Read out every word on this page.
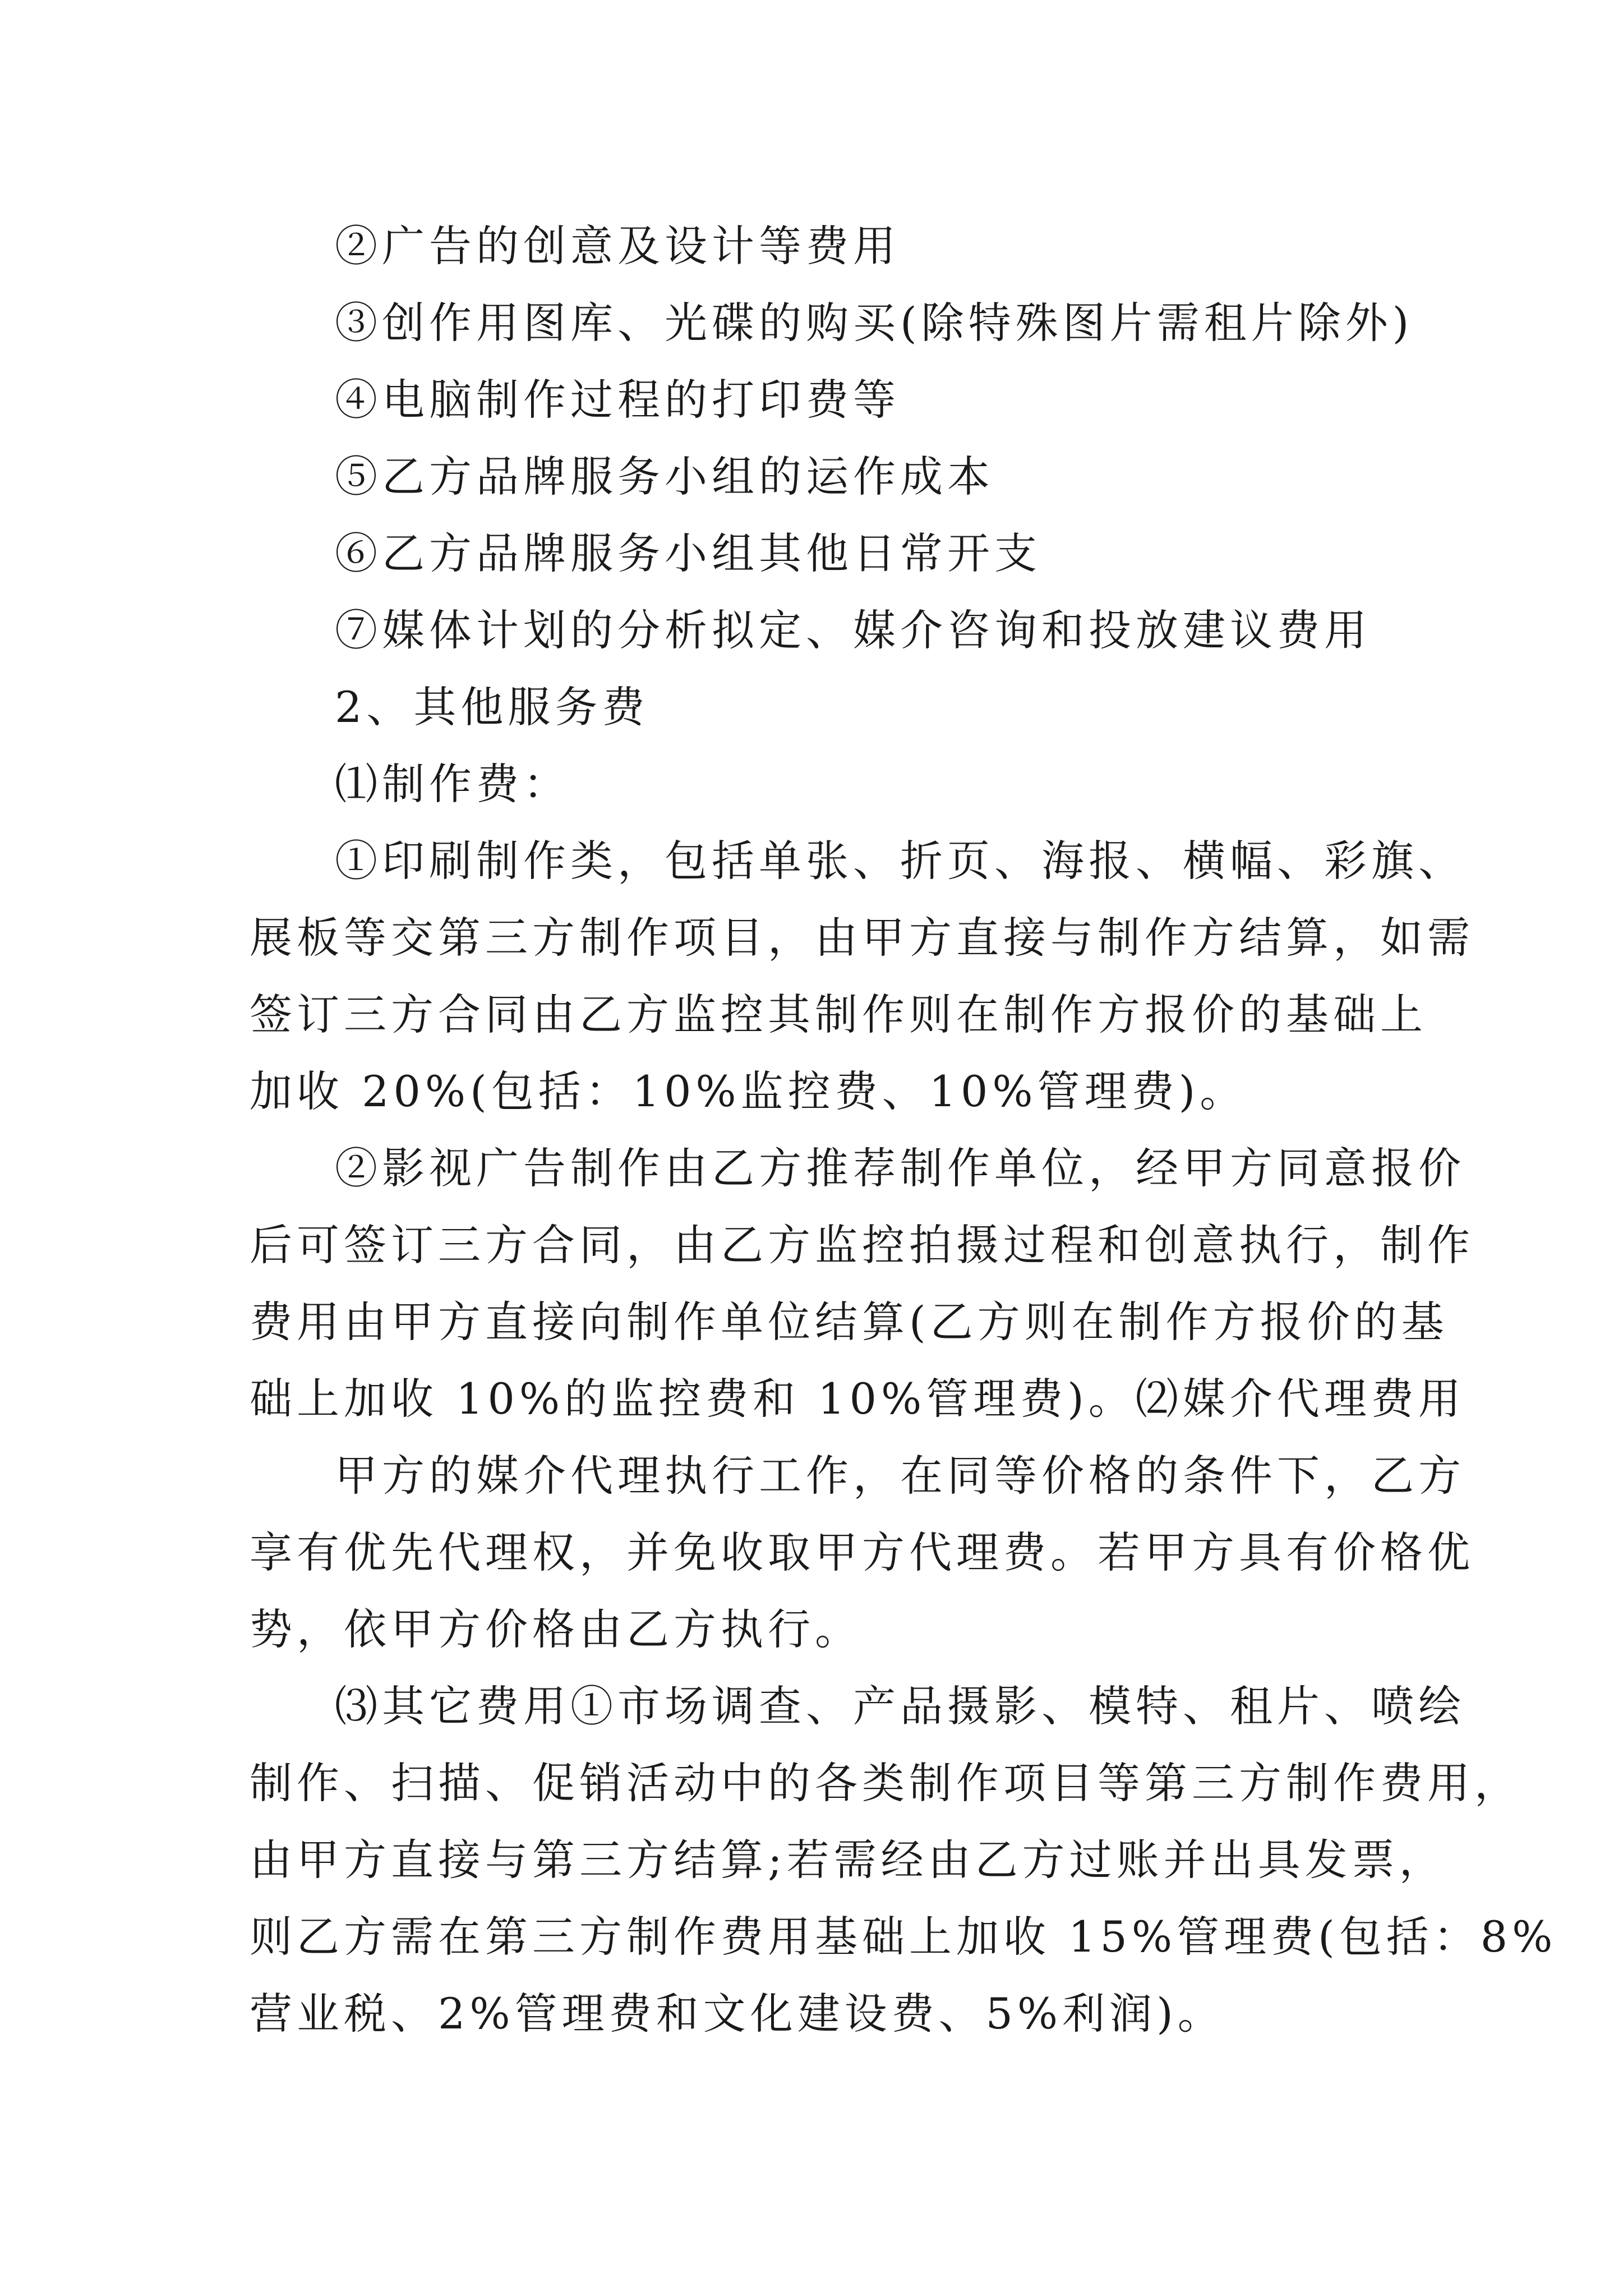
②广告的创意及设计等费用
③创作用图库、光碟的购买(除特殊图片需租片除外)
④电脑制作过程的打印费等
⑤乙方品牌服务小组的运作成本
⑥乙方品牌服务小组其他日常开支
⑦媒体计划的分析拟定、媒介咨询和投放建议费用
2、其他服务费
⑴制作费：
①印刷制作类，包括单张、折页、海报、横幅、彩旗、
展板等交第三方制作项目，由甲方直接与制作方结算，如需
签订三方合同由乙方监控其制作则在制作方报价的基础上
加收 20%(包括：10%监控费、10%管理费)。
②影视广告制作由乙方推荐制作单位，经甲方同意报价
后可签订三方合同，由乙方监控拍摄过程和创意执行，制作
费用由甲方直接向制作单位结算(乙方则在制作方报价的基
础上加收 10%的监控费和 10%管理费)。⑵媒介代理费用
甲方的媒介代理执行工作，在同等价格的条件下，乙方
享有优先代理权，并免收取甲方代理费。若甲方具有价格优
势，依甲方价格由乙方执行。
⑶其它费用①市场调查、产品摄影、模特、租片、喷绘
制作、扫描、促销活动中的各类制作项目等第三方制作费用，
由甲方直接与第三方结算;若需经由乙方过账并出具发票，
则乙方需在第三方制作费用基础上加收 15%管理费(包括：8%
营业税、2%管理费和文化建设费、5%利润)。
